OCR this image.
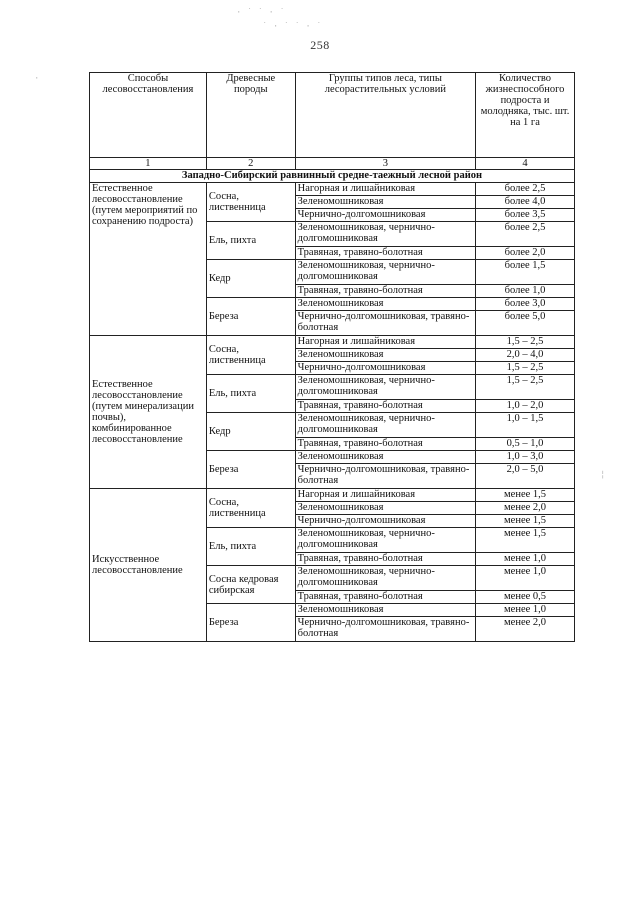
258
· ˙ ˙ · ˙
˙ · ˙ ˙ · ˙
·
¦
Способы лесовосстановления	Древесные породы	Группы типов леса, типы лесорастительных условий	Количество жизнеспособного подроста и молодняка, тыс. шт. на 1 га
1	2	3	4
Западно-Сибирский равнинный средне-таежный лесной район			
Естественное лесовосстановление (путем мероприятий по сохранению подроста)	Сосна, лиственница	Нагорная и лишайниковая	более 2,5
		Зеленомошниковая	более 4,0
		Чернично-долгомошниковая	более 3,5
	Ель, пихта	Зеленомошниковая, чернично-долгомошниковая	более 2,5
		Травяная, травяно-болотная	более 2,0
	Кедр	Зеленомошниковая, чернично-долгомошниковая	более 1,5
		Травяная, травяно-болотная	более 1,0
	Береза	Зеленомошниковая	более 3,0
		Чернично-долгомошниковая, травяно-болотная	более 5,0
Естественное лесовосстановление (путем минерализации почвы), комбинированное лесовосстановление	Сосна, лиственница	Нагорная и лишайниковая	1,5 – 2,5
		Зеленомошниковая	2,0 – 4,0
		Чернично-долгомошниковая	1,5 – 2,5
	Ель, пихта	Зеленомошниковая, чернично-долгомошниковая	1,5 – 2,5
		Травяная, травяно-болотная	1,0 – 2,0
	Кедр	Зеленомошниковая, чернично-долгомошниковая	1,0 – 1,5
		Травяная, травяно-болотная	0,5 – 1,0
	Береза	Зеленомошниковая	1,0 – 3,0
		Чернично-долгомошниковая, травяно-болотная	2,0 – 5,0
Искусственное лесовосстановление	Сосна, лиственница	Нагорная и лишайниковая	менее 1,5
		Зеленомошниковая	менее 2,0
		Чернично-долгомошниковая	менее 1,5
	Ель, пихта	Зеленомошниковая, чернично-долгомошниковая	менее 1,5
		Травяная, травяно-болотная	менее 1,0
	Сосна кедровая сибирская	Зеленомошниковая, чернично-долгомошниковая	менее 1,0
		Травяная, травяно-болотная	менее 0,5
	Береза	Зеленомошниковая	менее 1,0
		Чернично-долгомошниковая, травяно-болотная	менее 2,0
